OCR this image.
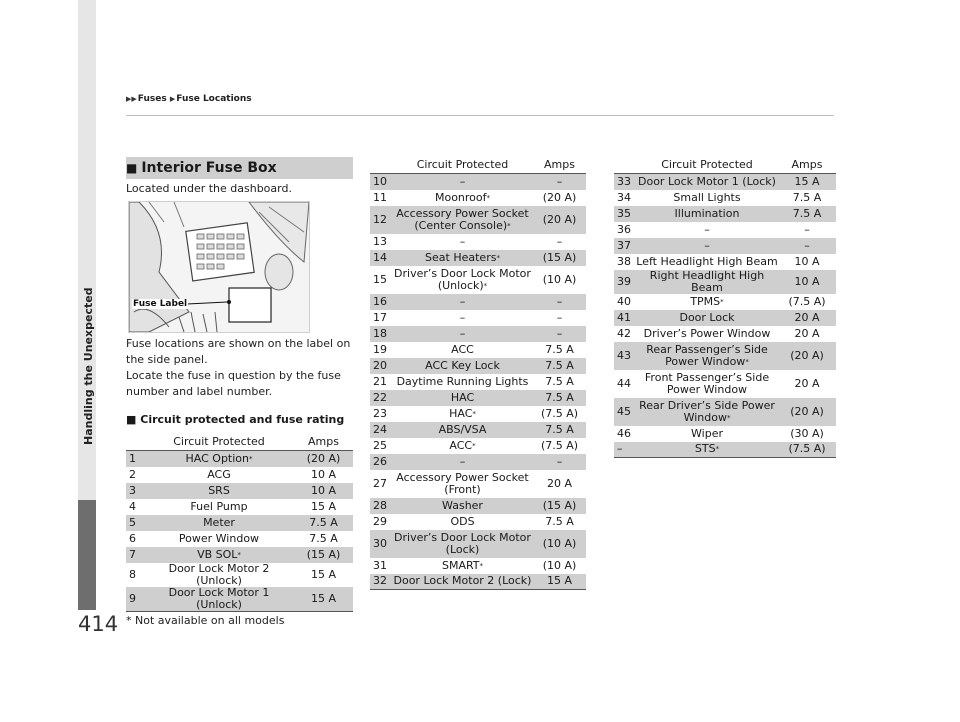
▶▶Fuses ▶Fuse Locations
■ Interior Fuse Box
Located under the dashboard.
Fuse Label
Fuse locations are shown on the label on
the side panel.
Locate the fuse in question by the fuse
number and label number.
■ Circuit protected and fuse rating
	Circuit Protected	Amps
1	HAC Option*	(20 A)
2	ACG	10 A
3	SRS	10 A
4	Fuel Pump	15 A
5	Meter	7.5 A
6	Power Window	7.5 A
7	VB SOL*	(15 A)
8	Door Lock Motor 2 (Unlock)	15 A
9	Door Lock Motor 1 (Unlock)	15 A
	Circuit Protected	Amps
10	–	–
11	Moonroof*	(20 A)
12	Accessory Power Socket
(Center Console)*	(20 A)
13	–	–
14	Seat Heaters*	(15 A)
15	Driver’s Door Lock Motor
(Unlock)*	(10 A)
16	–	–
17	–	–
18	–	–
19	ACC	7.5 A
20	ACC Key Lock	7.5 A
21	Daytime Running Lights	7.5 A
22	HAC	7.5 A
23	HAC*	(7.5 A)
24	ABS/VSA	7.5 A
25	ACC*	(7.5 A)
26	–	–
27	Accessory Power Socket
(Front)	20 A
28	Washer	(15 A)
29	ODS	7.5 A
30	Driver’s Door Lock Motor
(Lock)	(10 A)
31	SMART*	(10 A)
32	Door Lock Motor 2 (Lock)	15 A
	Circuit Protected	Amps
33	Door Lock Motor 1 (Lock)	15 A
34	Small Lights	7.5 A
35	Illumination	7.5 A
36	–	–
37	–	–
38	Left Headlight High Beam	10 A
39	Right Headlight High Beam	10 A
40	TPMS*	(7.5 A)
41	Door Lock	20 A
42	Driver’s Power Window	20 A
43	Rear Passenger’s Side
Power Window*	(20 A)
44	Front Passenger’s Side
Power Window	20 A
45	Rear Driver’s Side Power
Window*	(20 A)
46	Wiper	(30 A)
–	STS*	(7.5 A)
414 * Not available on all models
